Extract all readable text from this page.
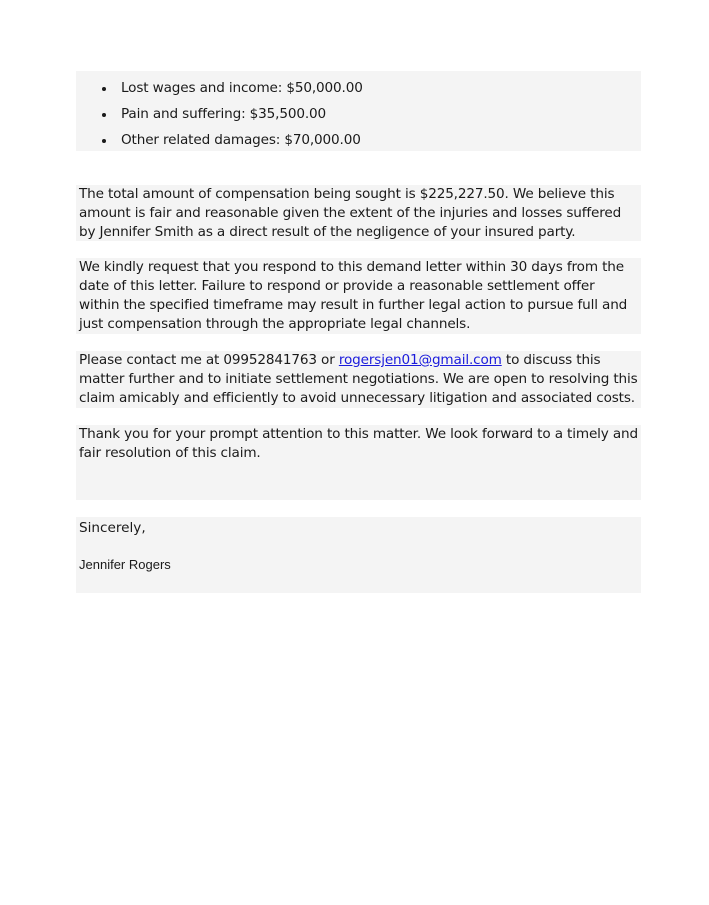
Lost wages and income: $50,000.00
Pain and suffering: $35,500.00
Other related damages: $70,000.00
The total amount of compensation being sought is $225,227.50. We believe this amount is fair and reasonable given the extent of the injuries and losses suffered by Jennifer Smith as a direct result of the negligence of your insured party.
We kindly request that you respond to this demand letter within 30 days from the date of this letter. Failure to respond or provide a reasonable settlement offer within the specified timeframe may result in further legal action to pursue full and just compensation through the appropriate legal channels.
Please contact me at 09952841763 or rogersjen01@gmail.com to discuss this matter further and to initiate settlement negotiations. We are open to resolving this claim amicably and efficiently to avoid unnecessary litigation and associated costs.
Thank you for your prompt attention to this matter. We look forward to a timely and fair resolution of this claim.
Sincerely,
Jennifer Rogers
